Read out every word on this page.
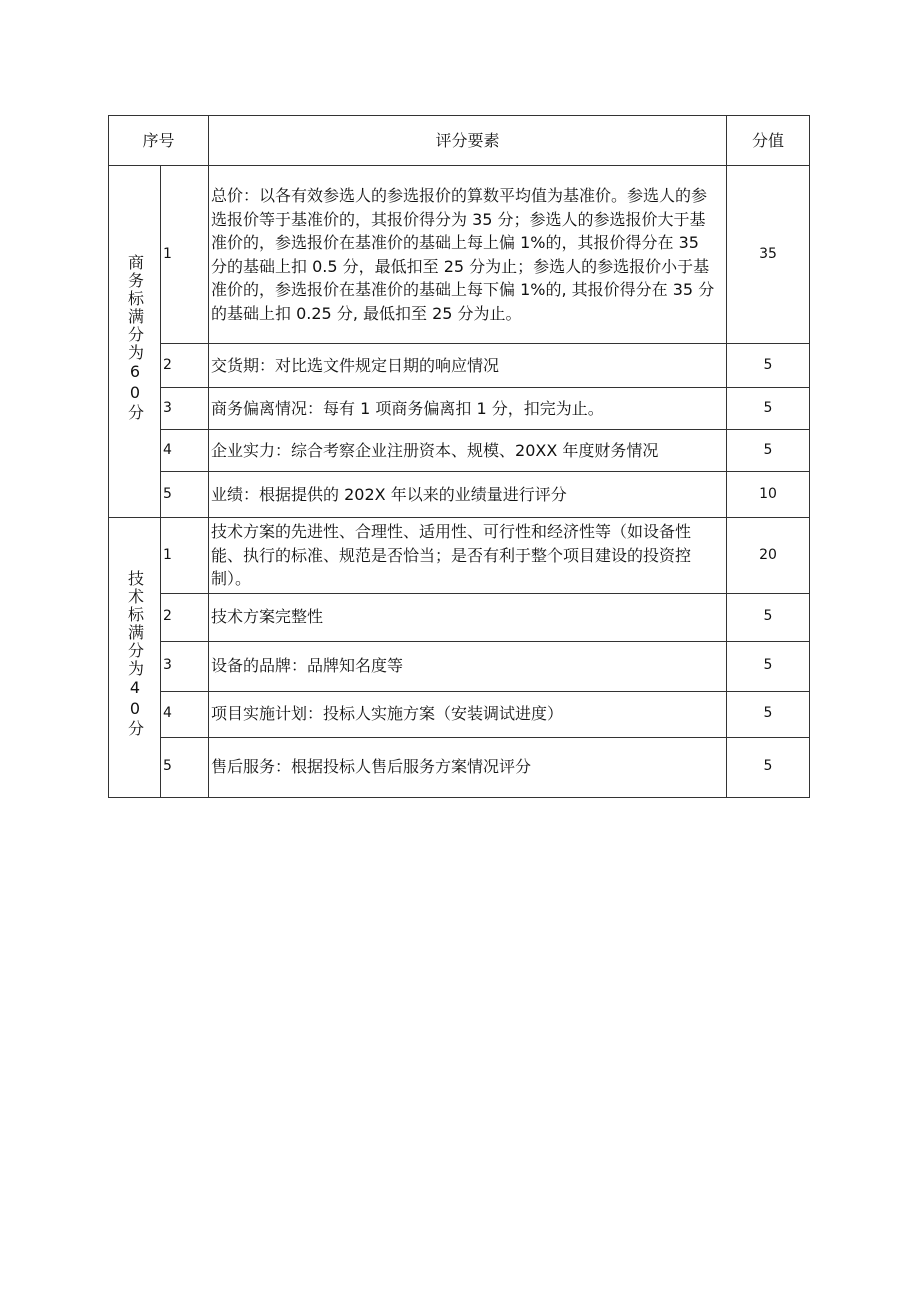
序号		评分要素	分值
商务标满分为60分	1	总价：以各有效参选人的参选报价的算数平均值为基准价。参选人的参选报价等于基准价的，其报价得分为 35 分；参选人的参选报价大于基准价的，参选报价在基准价的基础上每上偏 1%的，其报价得分在 35 分的基础上扣 0.5 分，最低扣至 25 分为止；参选人的参选报价小于基准价的，参选报价在基准价的基础上每下偏 1%的, 其报价得分在 35 分的基础上扣 0.25 分, 最低扣至 25 分为止。	35
	2	交货期：对比选文件规定日期的响应情况	5
	3	商务偏离情况：每有 1 项商务偏离扣 1 分，扣完为止。	5
	4	企业实力：综合考察企业注册资本、规模、20XX 年度财务情况	5
	5	业绩：根据提供的 202X 年以来的业绩量进行评分	10
技术标满分为40分	1	技术方案的先进性、合理性、适用性、可行性和经济性等（如设备性能、执行的标准、规范是否恰当；是否有利于整个项目建设的投资控制）。	20
	2	技术方案完整性	5
	3	设备的品牌：品牌知名度等	5
	4	项目实施计划：投标人实施方案（安装调试进度）	5
	5	售后服务：根据投标人售后服务方案情况评分	5
